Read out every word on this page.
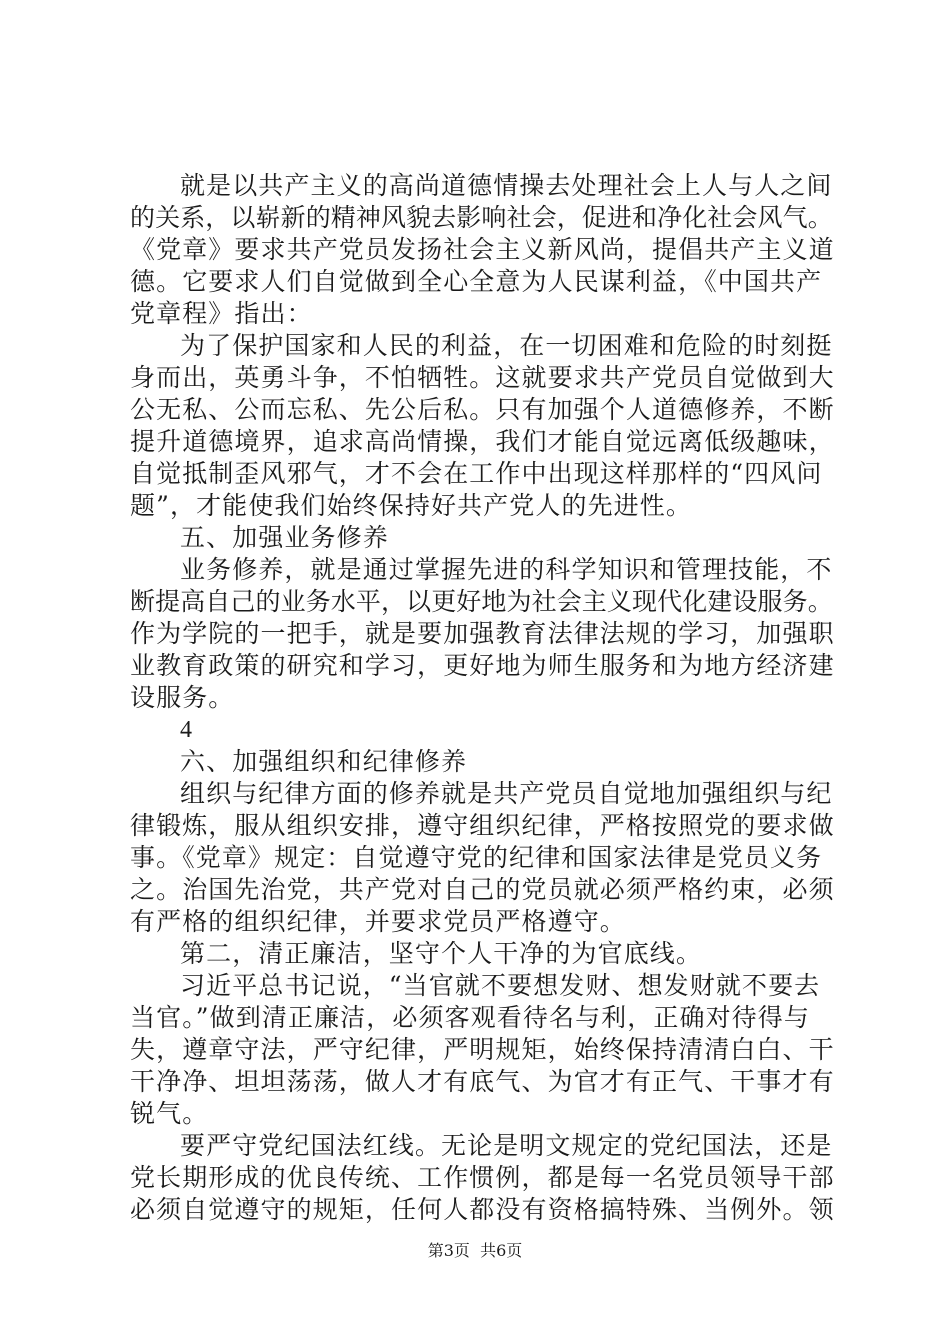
就是以共产主义的高尚道德情操去处理社会上人与人之间
的关系，以崭新的精神风貌去影响社会，促进和净化社会风气。
《党章》要求共产党员发扬社会主义新风尚，提倡共产主义道
德。它要求人们自觉做到全心全意为人民谋利益，《中国共产
党章程》指出：
为了保护国家和人民的利益，在一切困难和危险的时刻挺
身而出，英勇斗争，不怕牺牲。这就要求共产党员自觉做到大
公无私、公而忘私、先公后私。只有加强个人道德修养，不断
提升道德境界，追求高尚情操，我们才能自觉远离低级趣味，
自觉抵制歪风邪气，才不会在工作中出现这样那样的“四风问
题”，才能使我们始终保持好共产党人的先进性。
五、加强业务修养
业务修养，就是通过掌握先进的科学知识和管理技能，不
断提高自己的业务水平，以更好地为社会主义现代化建设服务。
作为学院的一把手，就是要加强教育法律法规的学习，加强职
业教育政策的研究和学习，更好地为师生服务和为地方经济建
设服务。
4
六、加强组织和纪律修养
组织与纪律方面的修养就是共产党员自觉地加强组织与纪
律锻炼，服从组织安排，遵守组织纪律，严格按照党的要求做
事。《党章》规定：自觉遵守党的纪律和国家法律是党员义务
之。治国先治党，共产党对自己的党员就必须严格约束，必须
有严格的组织纪律，并要求党员严格遵守。
第二，清正廉洁，坚守个人干净的为官底线。
习近平总书记说，“当官就不要想发财、想发财就不要去
当官。”做到清正廉洁，必须客观看待名与利，正确对待得与
失，遵章守法，严守纪律，严明规矩，始终保持清清白白、干
干净净、坦坦荡荡，做人才有底气、为官才有正气、干事才有
锐气。
要严守党纪国法红线。无论是明文规定的党纪国法，还是
党长期形成的优良传统、工作惯例，都是每一名党员领导干部
必须自觉遵守的规矩，任何人都没有资格搞特殊、当例外。领
第3页  共6页
